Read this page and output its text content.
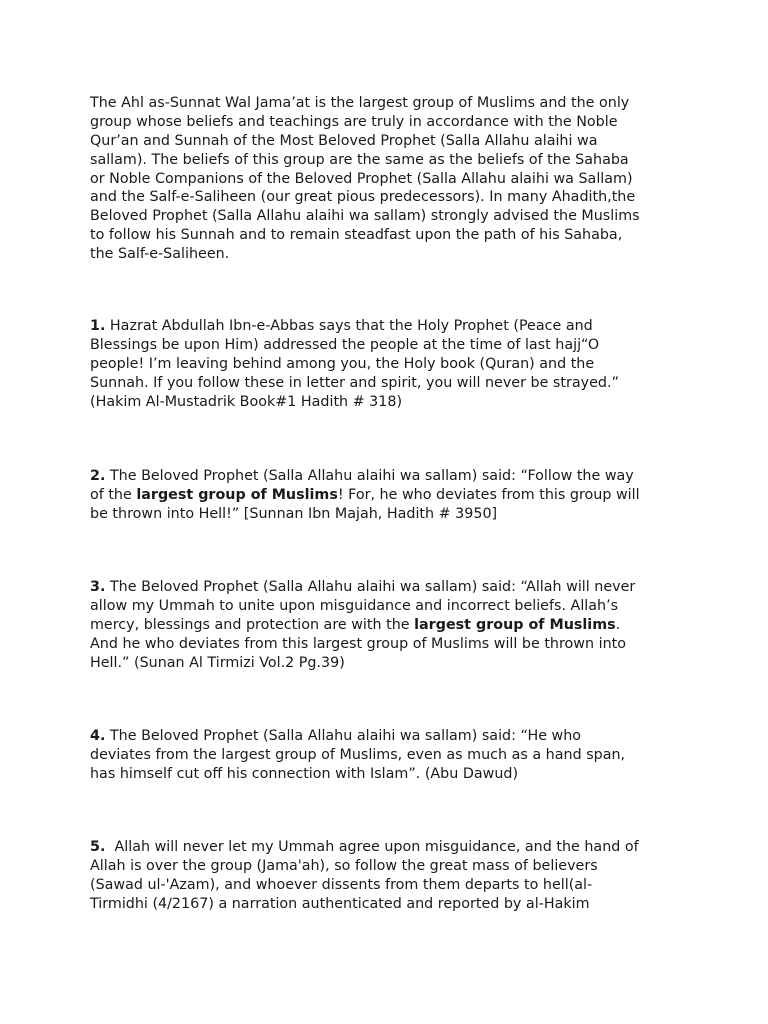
The Ahl as-Sunnat Wal Jama’at is the largest group of Muslims and the only
group whose beliefs and teachings are truly in accordance with the Noble
Qur’an and Sunnah of the Most Beloved Prophet (Salla Allahu alaihi wa
sallam). The beliefs of this group are the same as the beliefs of the Sahaba
or Noble Companions of the Beloved Prophet (Salla Allahu alaihi wa Sallam)
and the Salf-e-Saliheen (our great pious predecessors). In many Ahadith,the
Beloved Prophet (Salla Allahu alaihi wa sallam) strongly advised the Muslims
to follow his Sunnah and to remain steadfast upon the path of his Sahaba,
the Salf-e-Saliheen.

1. Hazrat Abdullah Ibn-e-Abbas says that the Holy Prophet (Peace and
Blessings be upon Him) addressed the people at the time of last hajj“O
people! I’m leaving behind among you, the Holy book (Quran) and the
Sunnah. If you follow these in letter and spirit, you will never be strayed.”
(Hakim Al-Mustadrik Book#1 Hadith # 318)

2. The Beloved Prophet (Salla Allahu alaihi wa sallam) said: “Follow the way
of the largest group of Muslims! For, he who deviates from this group will
be thrown into Hell!” [Sunnan Ibn Majah, Hadith # 3950]

3. The Beloved Prophet (Salla Allahu alaihi wa sallam) said: “Allah will never
allow my Ummah to unite upon misguidance and incorrect beliefs. Allah’s
mercy, blessings and protection are with the largest group of Muslims.
And he who deviates from this largest group of Muslims will be thrown into
Hell.” (Sunan Al Tirmizi Vol.2 Pg.39)

4. The Beloved Prophet (Salla Allahu alaihi wa sallam) said: “He who
deviates from the largest group of Muslims, even as much as a hand span,
has himself cut off his connection with Islam”. (Abu Dawud)

5.  Allah will never let my Ummah agree upon misguidance, and the hand of
Allah is over the group (Jama'ah), so follow the great mass of believers
(Sawad ul-'Azam), and whoever dissents from them departs to hell(al-
Tirmidhi (4/2167) a narration authenticated and reported by al-Hakim
